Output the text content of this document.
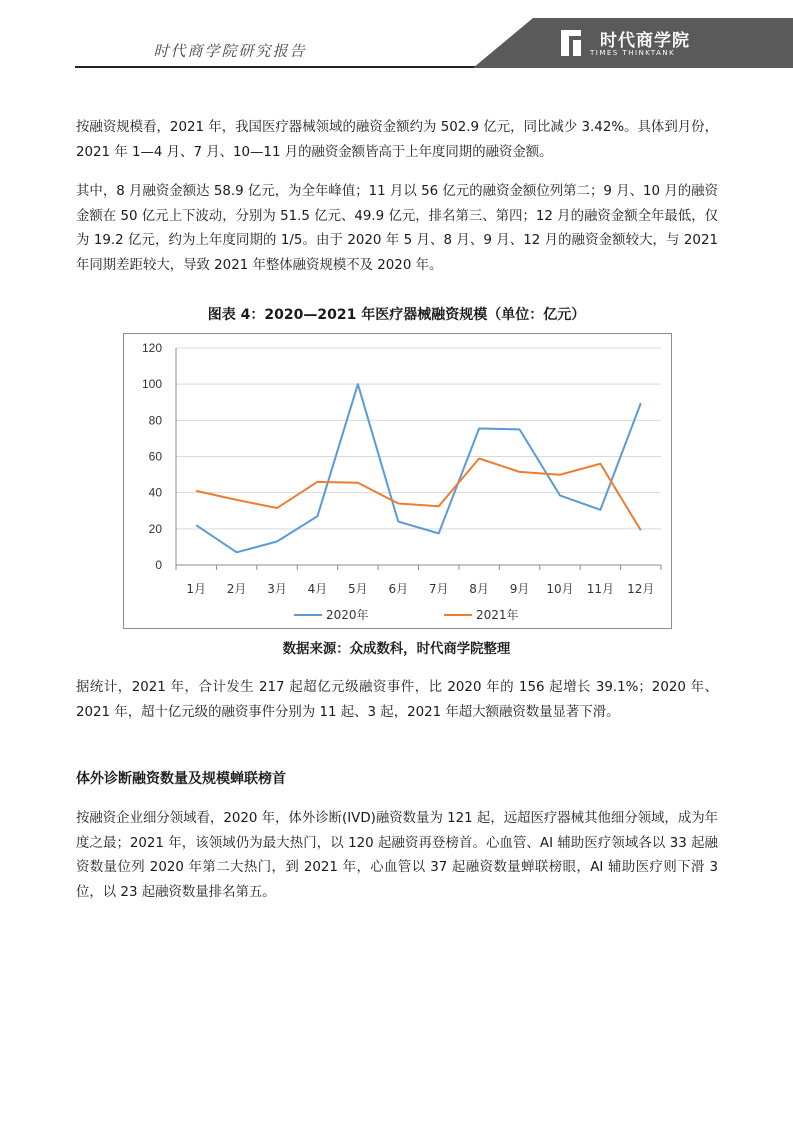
时代商学院研究报告	时代商学院
TIMES THINKTANK
按融资规模看，2021 年，我国医疗器械领域的融资金额约为 502.9 亿元，同比减少 3.42%。具体到月份，2021 年 1—4 月、7 月、10—11 月的融资金额皆高于上年度同期的融资金额。
其中，8 月融资金额达 58.9 亿元，为全年峰值；11 月以 56 亿元的融资金额位列第二；9 月、10 月的融资金额在 50 亿元上下波动，分别为 51.5 亿元、49.9 亿元，排名第三、第四；12 月的融资金额全年最低，仅为 19.2 亿元，约为上年度同期的 1/5。由于 2020 年 5 月、8 月、9 月、12 月的融资金额较大，与 2021 年同期差距较大，导致 2021 年整体融资规模不及 2020 年。
图表 4：2020—2021 年医疗器械融资规模（单位：亿元）
0
20
40
60
80
100
120
1月 2月 3月 4月 5月 6月 7月 8月 9月 10月 11月 12月
2020年	2021年
数据来源：众成数科，时代商学院整理
据统计，2021 年，合计发生 217 起超亿元级融资事件，比 2020 年的 156 起增长 39.1%；2020 年、2021 年，超十亿元级的融资事件分别为 11 起、3 起，2021 年超大额融资数量显著下滑。
体外诊断融资数量及规模蝉联榜首
按融资企业细分领域看，2020 年，体外诊断(IVD)融资数量为 121 起，远超医疗器械其他细分领域，成为年度之最；2021 年，该领域仍为最大热门，以 120 起融资再登榜首。心血管、AI 辅助医疗领域各以 33 起融资数量位列 2020 年第二大热门，到 2021 年，心血管以 37 起融资数量蝉联榜眼，AI 辅助医疗则下滑 3 位，以 23 起融资数量排名第五。
